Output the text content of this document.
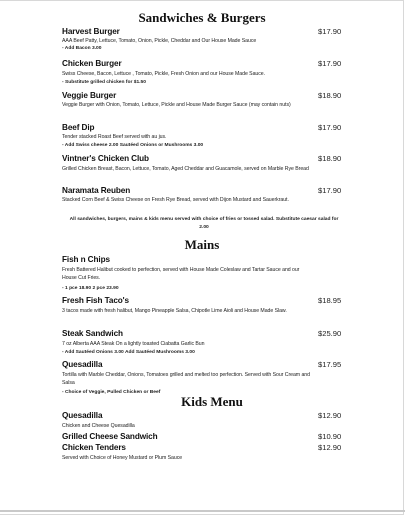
Sandwiches & Burgers
Harvest Burger	$17.90
AAA Beef Patty, Lettuce, Tomato, Onion, Pickle, Cheddar and Our House Made Sauce
- Add Bacon 3.00
Chicken Burger	$17.90
Swiss Cheese, Bacon, Lettuce , Tomato, Pickle, Fresh Onion and our House Made Sauce.
- Substitute grilled chicken for $1.50
Veggie Burger	$18.90
Veggie Burger with Onion, Tomato, Lettuce, Pickle and House Made Burger Sauce (may contain nuts)
Beef Dip	$17.90
Tender stacked Roast Beef served with au jus.
- Add Swiss cheese 2.00 Sautéed Onions or Mushrooms 3.00
Vintner's Chicken Club	$18.90
Grilled Chicken Breast, Bacon, Lettuce, Tomato, Aged Cheddar and Guacamole, served on Marble Rye Bread
Naramata Reuben	$17.90
Stacked Corn Beef & Swiss Cheese on Fresh Rye Bread, served with Dijon Mustard and Sauerkraut.
All sandwiches, burgers, mains & kids menu served with choice of fries or tossed salad. Substitute caesar salad for 2.00
Mains
Fish n Chips
Fresh Battered Halibut cooked to perfection, served with House Made Coleslaw and Tartar Sauce and our House Cut Fries.
- 1 pce 18.90 2 pce 23.90
Fresh Fish Taco's	$18.95
3 tacos made with fresh halibut, Mango Pineapple Salsa, Chipotle Lime Aioli and House Made Slaw.
Steak Sandwich	$25.90
7 oz Alberta AAA Steak On a lightly toasted Ciabatta Garlic Bun
- Add Sautéed Onions 3.00 Add Sautéed Mushrooms 3.00
Quesadilla	$17.95
Tortilla with Marble Cheddar, Onions, Tomatoes grilled and melted too perfection. Served with Sour Cream and Salsa
- Choice of Veggie, Pulled Chicken or Beef
Kids Menu
Quesadilla	$12.90
Chicken and Cheese Quesadilla
Grilled Cheese Sandwich	$10.90
Chicken Tenders	$12.90
Served with Choice of Honey Mustard or Plum Sauce
